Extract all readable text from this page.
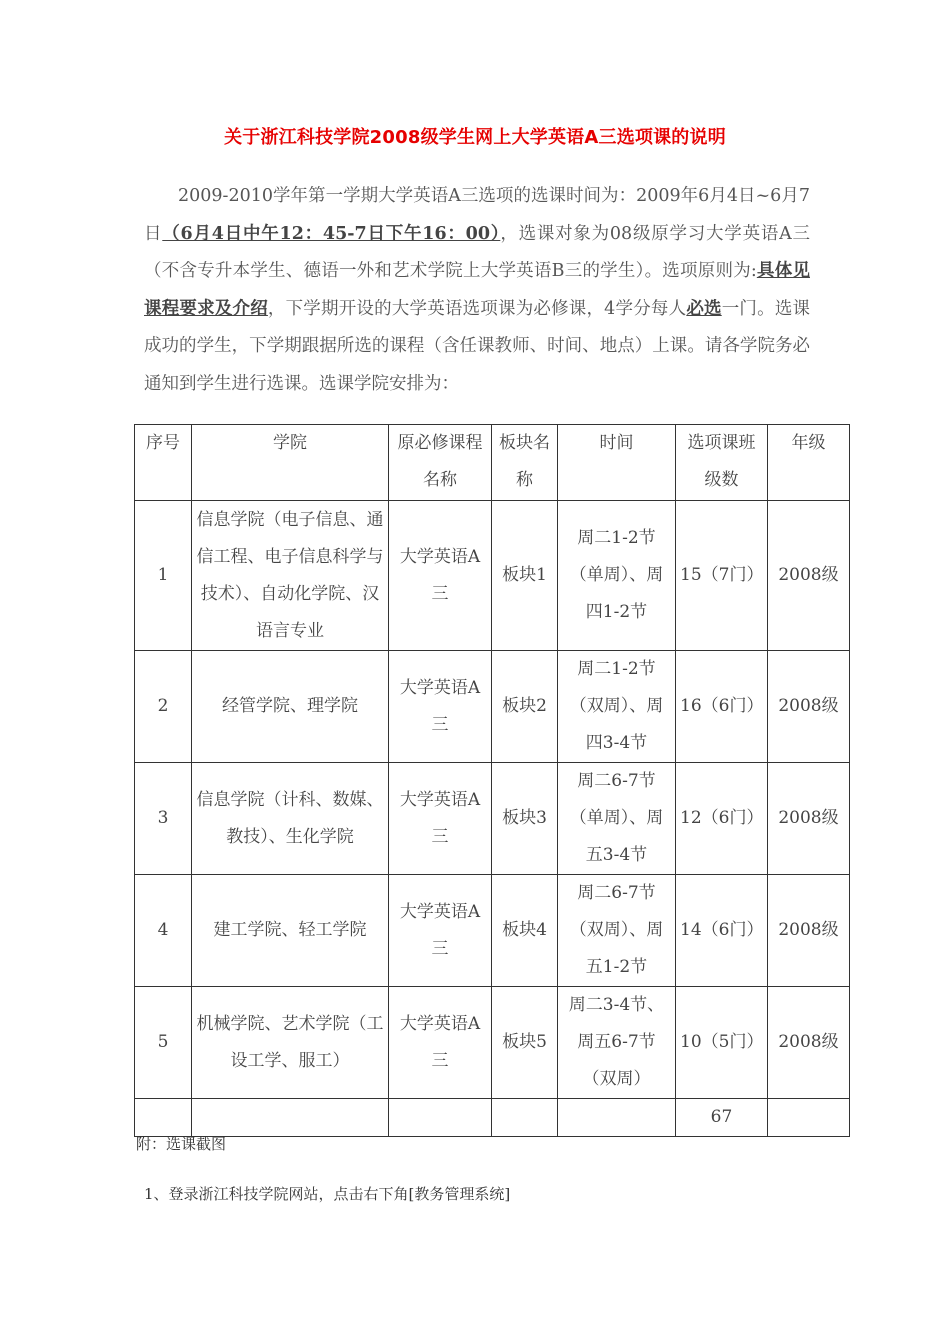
关于浙江科技学院2008级学生网上大学英语A三选项课的说明

2009-2010学年第一学期大学英语A三选项的选课时间为：2009年6月4日~6月7日（6月4日中午12：45-7日下午16：00），选课对象为08级原学习大学英语A三（不含专升本学生、德语一外和艺术学院上大学英语B三的学生）。选项原则为:具体见课程要求及介绍，下学期开设的大学英语选项课为必修课，4学分每人必选一门。选课成功的学生，下学期跟据所选的课程（含任课教师、时间、地点）上课。请各学院务必通知到学生进行选课。选课学院安排为：

序号	学院	原必修课程名称	板块名称	时间	选项课班级数	年级
1	信息学院（电子信息、通信工程、电子信息科学与技术）、自动化学院、汉语言专业	大学英语A三	板块1	周二1-2节（单周）、周四1-2节	15（7门）	2008级
2	经管学院、理学院	大学英语A三	板块2	周二1-2节（双周）、周四3-4节	16（6门）	2008级
3	信息学院（计科、数媒、教技）、生化学院	大学英语A三	板块3	周二6-7节（单周）、周五3-4节	12（6门）	2008级
4	建工学院、轻工学院	大学英语A三	板块4	周二6-7节（双周）、周五1-2节	14（6门）	2008级
5	机械学院、艺术学院（工设工学、服工）	大学英语A三	板块5	周二3-4节、周五6-7节（双周）	10（5门）	2008级
					67	
附：选课截图
1、登录浙江科技学院网站，点击右下角[教务管理系统]
